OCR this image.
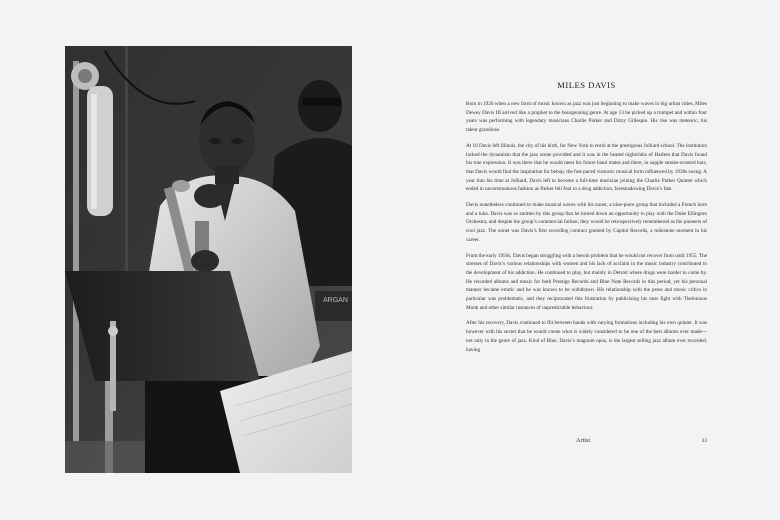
ARGAN
MILES DAVIS

Born in 1926 when a new form of music known as jazz was just beginning to make waves in big urban cities, Miles Dewey Davis III arrived like a prophet to the bourgeoning genre. At age 13 he picked up a trumpet and within four years was performing with legendary musicians Charlie Parker and Dizzy Gillespie. His rise was meteoric, his talent grandiose.

At 18 Davis left Illinois, the city of his birth, for New York to enrol at the prestigious Julliard school. The institution lacked the dynamism that the jazz scene provided and it was in the heated nightclubs of Harlem that Davis found his true expression. It was there that he would meet his future band mates and there, in supple smoke-scented bars, that Davis would find the inspiration for bebop, the fast-paced virtuosic musical form influenced by 1930s swing. A year into his time at Julliard, Davis left to become a full-time musician joining the Charlie Parker Quintet which ended in unceremonious fashion as Parker fell foul to a drug addiction, foreshadowing Davis’s fate.

Davis nonetheless continued to make musical waves with his nonet, a nine-piece group that included a French horn and a tuba. Davis was so smitten by this group that he turned down an opportunity to play with the Duke Ellington Orchestra, and despite the group’s commercial failure, they would be retrospectively remembered as the pioneers of cool jazz. The nonet was Davis’s first recording contract granted by Capitol Records, a milestone moment in his career.

From the early 1950s, Davis began struggling with a heroin problem that he would not recover from until 1955. The stresses of Davis’s various relationships with women and his lack of acclaim in the music industry contributed to the development of his addiction. He continued to play, but mainly in Detroit where drugs were harder to come by. He recorded albums and music for both Prestige Records and Blue Note Records in this period, yet his personal manner became erratic and he was known to be withdrawn. His relationship with the press and music critics in particular was problematic, and they reciprocated this frustration by publicising his near fight with Thelonious Monk and other similar instances of unpredictable behaviour.

After his recovery, Davis continued to flit between bands with varying formations including his own quintet. It was however with his sextet that he would create what is widely considered to be one of the best albums ever made—not only in the genre of jazz. Kind of Blue, Davis’s magnum opus, is the largest selling jazz album ever recorded, having

Artist	33
